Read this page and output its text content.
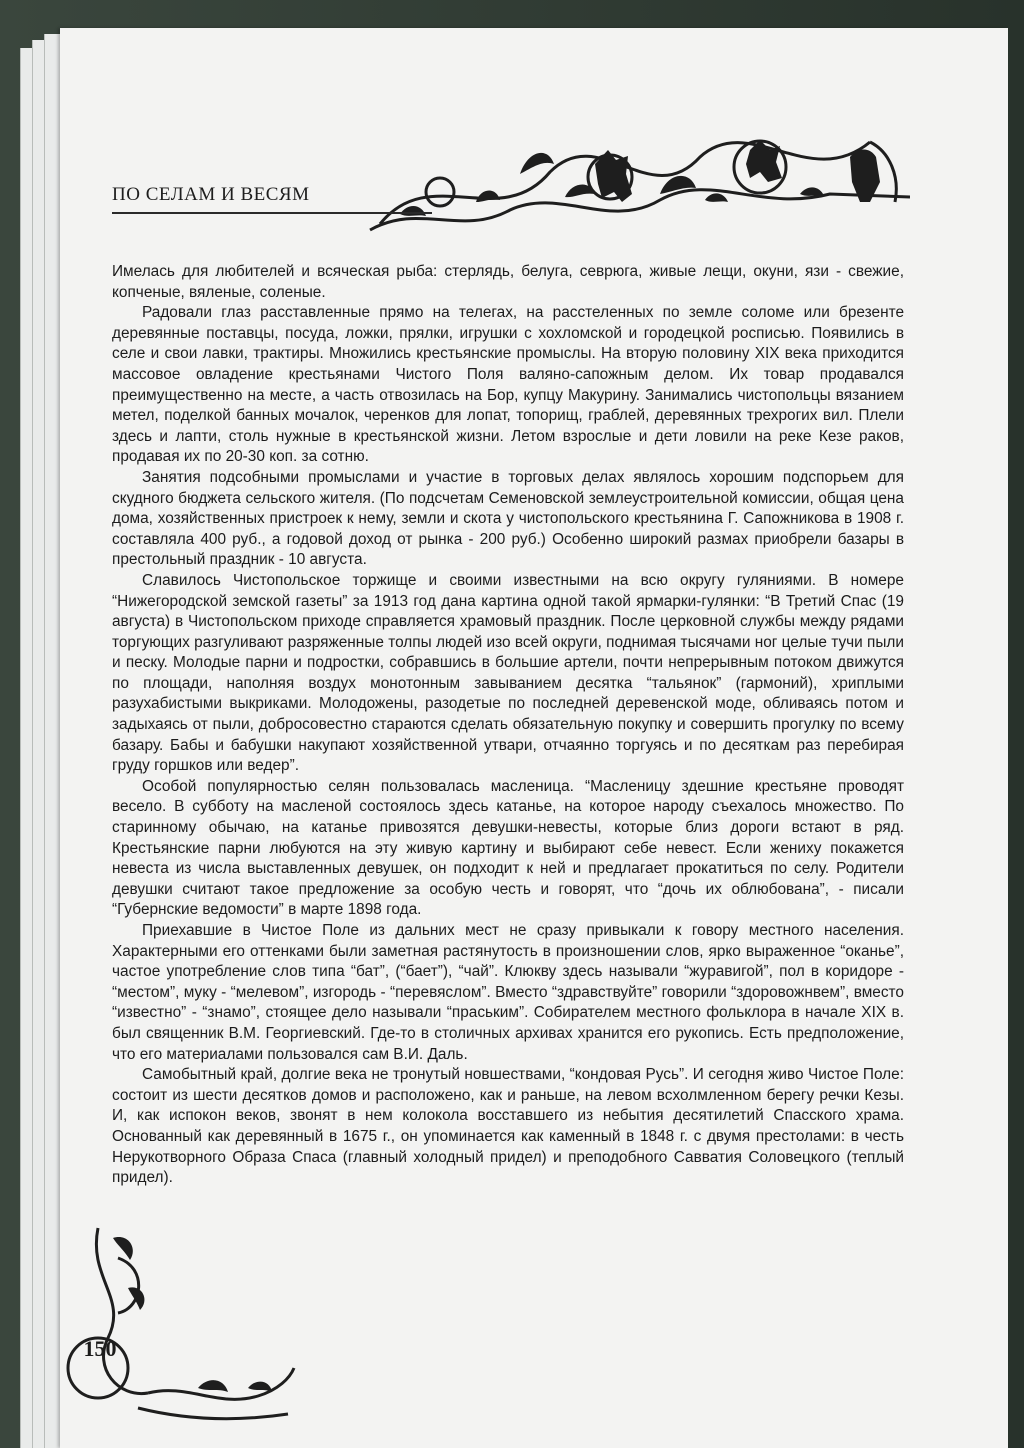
ПО СЕЛАМ И ВЕСЯМ

Имелась для любителей и всяческая рыба: стерлядь, белуга, севрюга, живые лещи, окуни, язи - свежие, копченые, вяленые, соленые.

Радовали глаз расставленные прямо на телегах, на расстеленных по земле соломе или брезенте деревянные поставцы, посуда, ложки, прялки, игрушки с хохломской и городецкой росписью. Появились в селе и свои лавки, трактиры. Множились крестьянские промыслы. На вторую половину XIX века приходится массовое овладение крестьянами Чистого Поля валяно-сапожным делом. Их товар продавался преимущественно на месте, а часть отвозилась на Бор, купцу Макурину. Занимались чистопольцы вязанием метел, поделкой банных мочалок, черенков для лопат, топорищ, граблей, деревянных трехрогих вил. Плели здесь и лапти, столь нужные в крестьянской жизни. Летом взрослые и дети ловили на реке Кезе раков, продавая их по 20-30 коп. за сотню.

Занятия подсобными промыслами и участие в торговых делах являлось хорошим подспорьем для скудного бюджета сельского жителя. (По подсчетам Семеновской землеустроительной комиссии, общая цена дома, хозяйственных пристроек к нему, земли и скота у чистопольского крестьянина Г. Сапожникова в 1908 г. составляла 400 руб., а годовой доход от рынка - 200 руб.) Особенно широкий размах приобрели базары в престольный праздник - 10 августа.

Славилось Чистопольское торжище и своими известными на всю округу гуляниями. В номере “Нижегородской земской газеты” за 1913 год дана картина одной такой ярмарки-гулянки: “В Третий Спас (19 августа) в Чистопольском приходе справляется храмовый праздник. После церковной службы между рядами торгующих разгуливают разряженные толпы людей изо всей округи, поднимая тысячами ног целые тучи пыли и песку. Молодые парни и подростки, собравшись в большие артели, почти непрерывным потоком движутся по площади, наполняя воздух монотонным завыванием десятка “тальянок” (гармоний), хриплыми разухабистыми выкриками. Молодожены, разодетые по последней деревенской моде, обливаясь потом и задыхаясь от пыли, добросовестно стараются сделать обязательную покупку и совершить прогулку по всему базару. Бабы и бабушки накупают хозяйственной утвари, отчаянно торгуясь и по десяткам раз перебирая груду горшков или ведер”.

Особой популярностью селян пользовалась масленица. “Масленицу здешние крестьяне проводят весело. В субботу на масленой состоялось здесь катанье, на которое народу съехалось множество. По старинному обычаю, на катанье привозятся девушки-невесты, которые близ дороги встают в ряд. Крестьянские парни любуются на эту живую картину и выбирают себе невест. Если жениху покажется невеста из числа выставленных девушек, он подходит к ней и предлагает прокатиться по селу. Родители девушки считают такое предложение за особую честь и говорят, что “дочь их облюбована”, - писали “Губернские ведомости” в марте 1898 года.

Приехавшие в Чистое Поле из дальних мест не сразу привыкали к говору местного населения. Характерными его оттенками были заметная растянутость в произношении слов, ярко выраженное “оканье”, частое употребление слов типа “бат”, (“бает”), “чай”. Клюкву здесь называли “журавигой”, пол в коридоре - “местом”, муку - “мелевом”, изгородь - “перевяслом”. Вместо “здравствуйте” говорили “здоровожнвем”, вместо “известно” - “знамо”, стоящее дело называли “праським”. Собирателем местного фольклора в начале XIX в. был священник В.М. Георгиевский. Где-то в столичных архивах хранится его рукопись. Есть предположение, что его материалами пользовался сам В.И. Даль.

Самобытный край, долгие века не тронутый новшествами, “кондовая Русь”. И сегодня живо Чистое Поле: состоит из шести десятков домов и расположено, как и раньше, на левом всхолмленном берегу речки Кезы. И, как испокон веков, звонят в нем колокола восставшего из небытия десятилетий Спасского храма. Основанный как деревянный в 1675 г., он упоминается как каменный в 1848 г. с двумя престолами: в честь Нерукотворного Образа Спаса (главный холодный придел) и преподобного Савватия Соловецкого (теплый придел).

150
